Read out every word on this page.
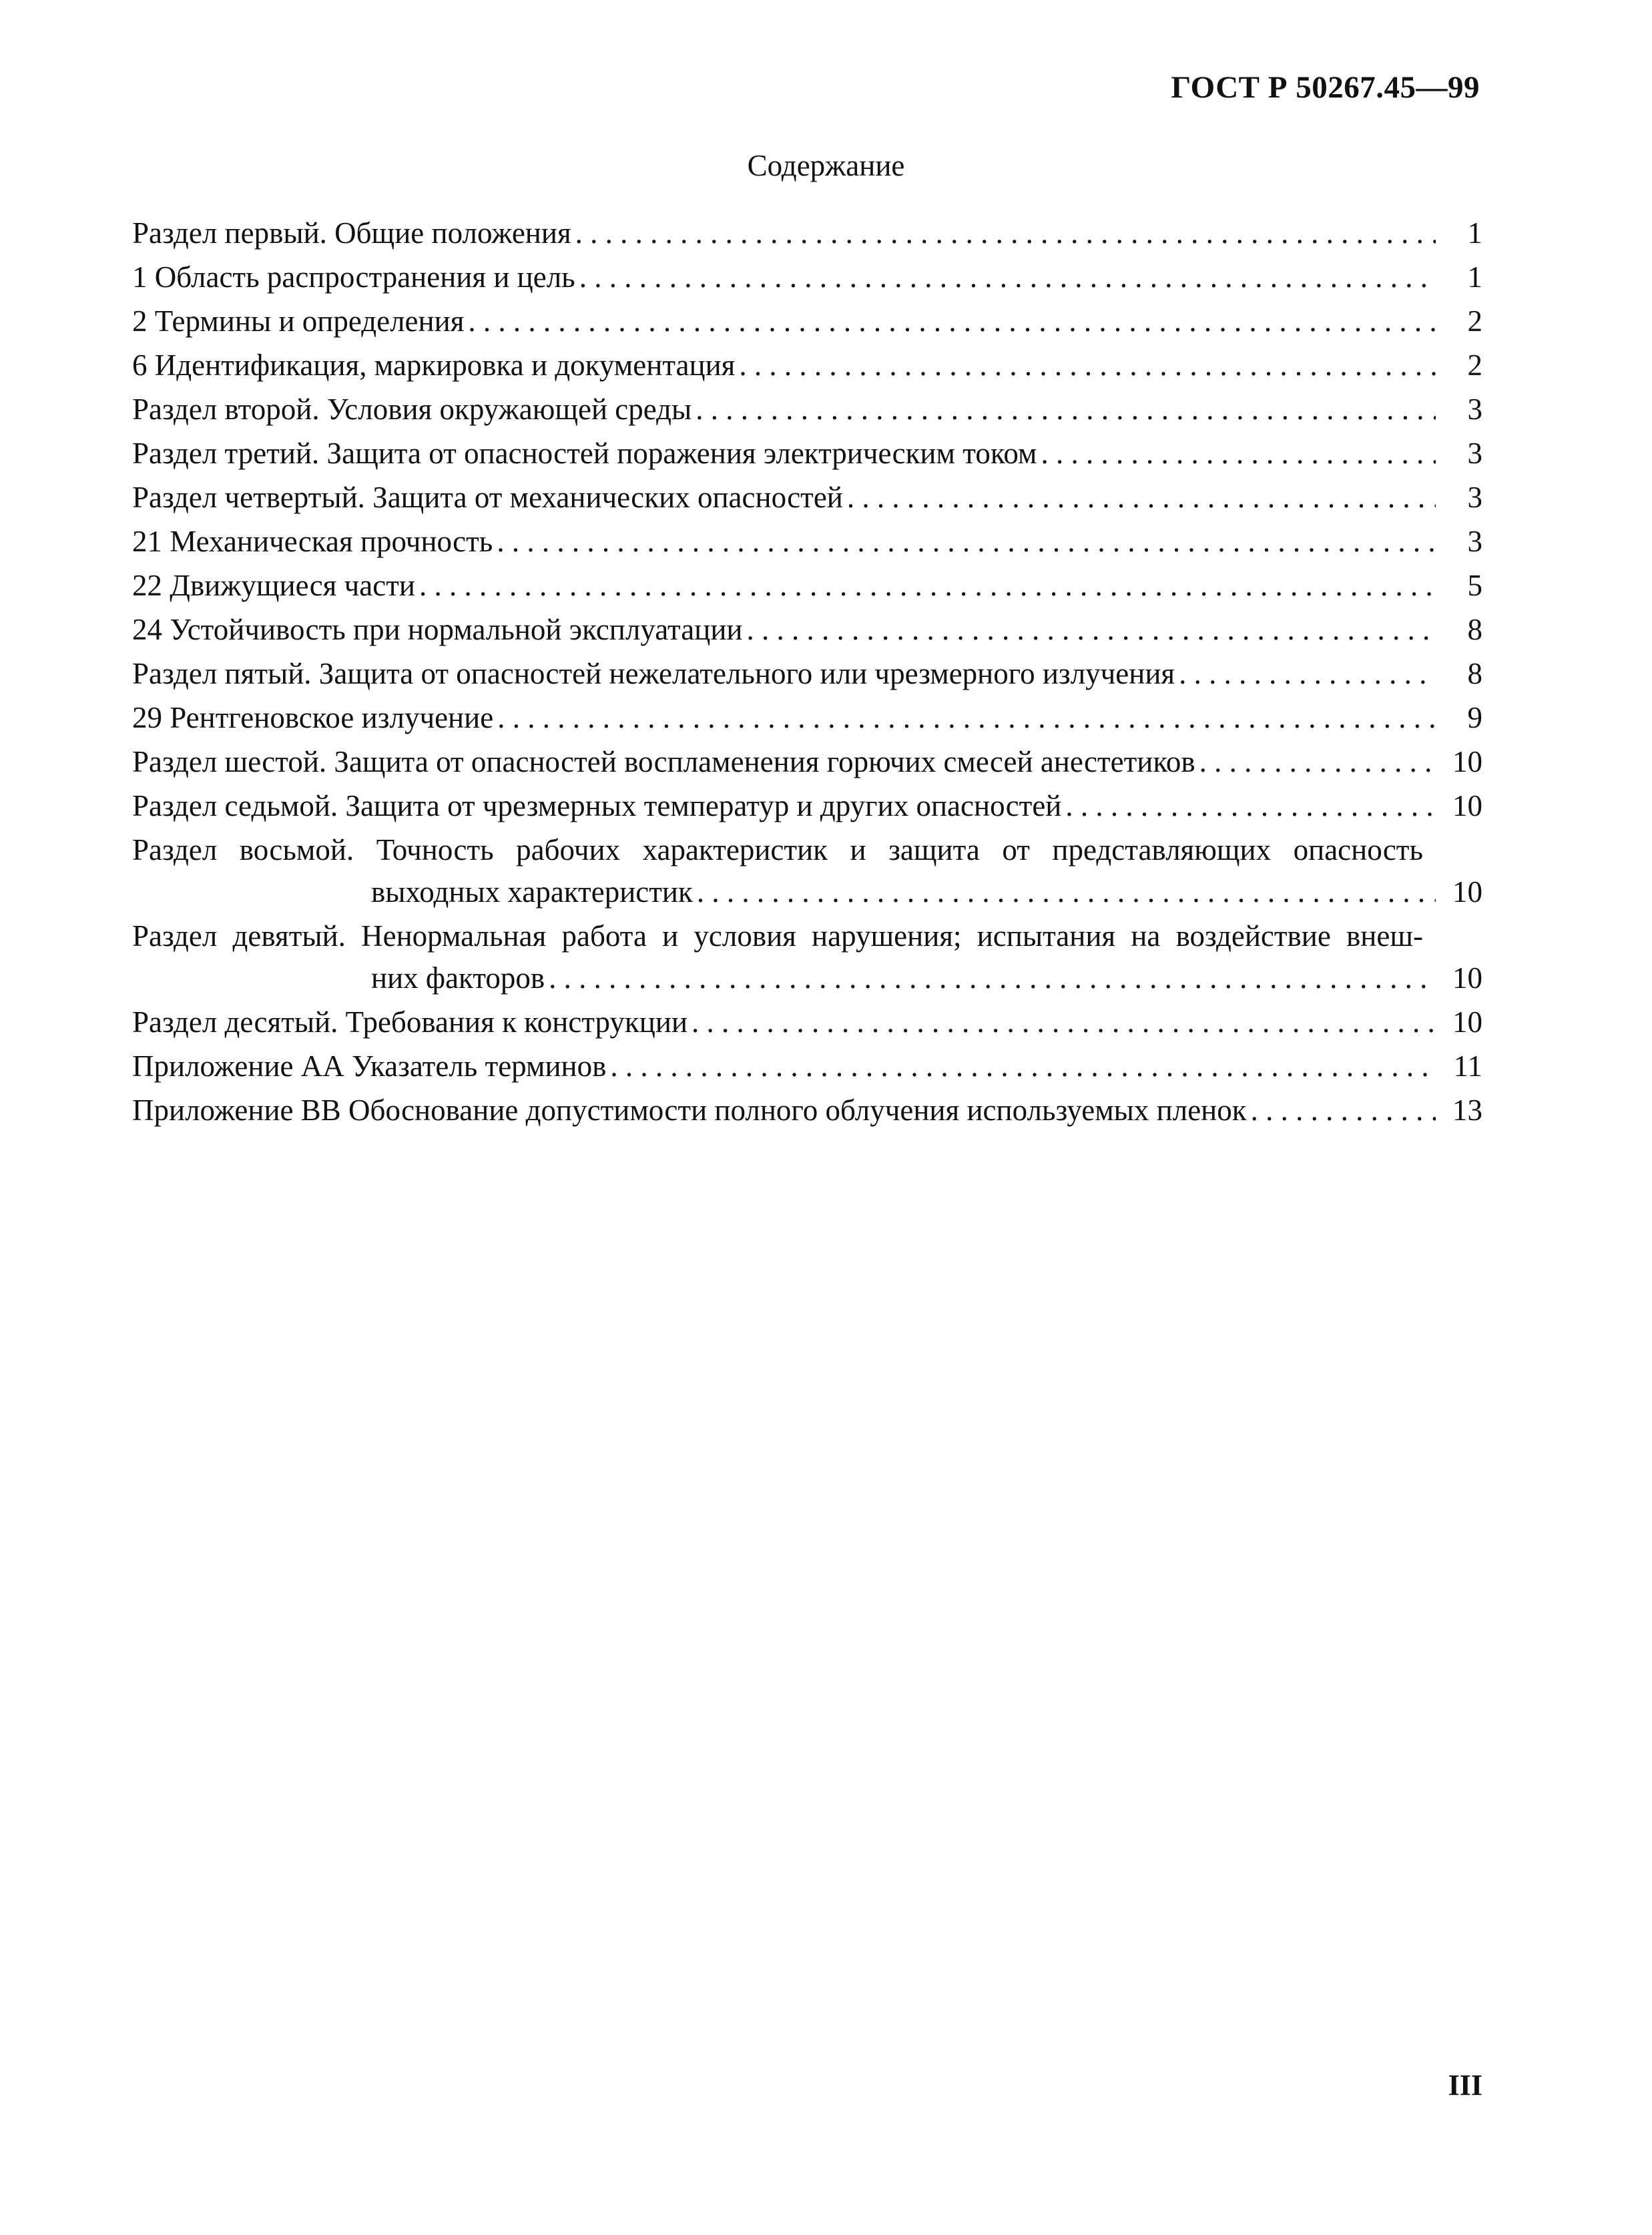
ГОСТ Р 50267.45—99
Содержание
Раздел первый. Общие положения . . .	1
1 Область распространения и цель . . .	1
2 Термины и определения . . .	2
6 Идентификация, маркировка и документация . . .	2
Раздел второй. Условия окружающей среды . . .	3
Раздел третий. Защита от опасностей поражения электрическим током . . .	3
Раздел четвертый. Защита от механических опасностей . . .	3
21 Механическая прочность . . .	3
22 Движущиеся части . . .	5
24 Устойчивость при нормальной эксплуатации . . .	8
Раздел пятый. Защита от опасностей нежелательного или чрезмерного излучения . . .	8
29 Рентгеновское излучение . . .	9
Раздел шестой. Защита от опасностей воспламенения горючих смесей анестетиков . . .	10
Раздел седьмой. Защита от чрезмерных температур и других опасностей . . .	10
Раздел восьмой. Точность рабочих характеристик и защита от представляющих опасность
выходных характеристик . . .	10
Раздел девятый. Ненормальная работа и условия нарушения; испытания на воздействие внеш-
них факторов . . .	10
Раздел десятый. Требования к конструкции . . .	10
Приложение АА Указатель терминов . . .	11
Приложение ВВ Обоснование допустимости полного облучения используемых пленок . . .	13
III
